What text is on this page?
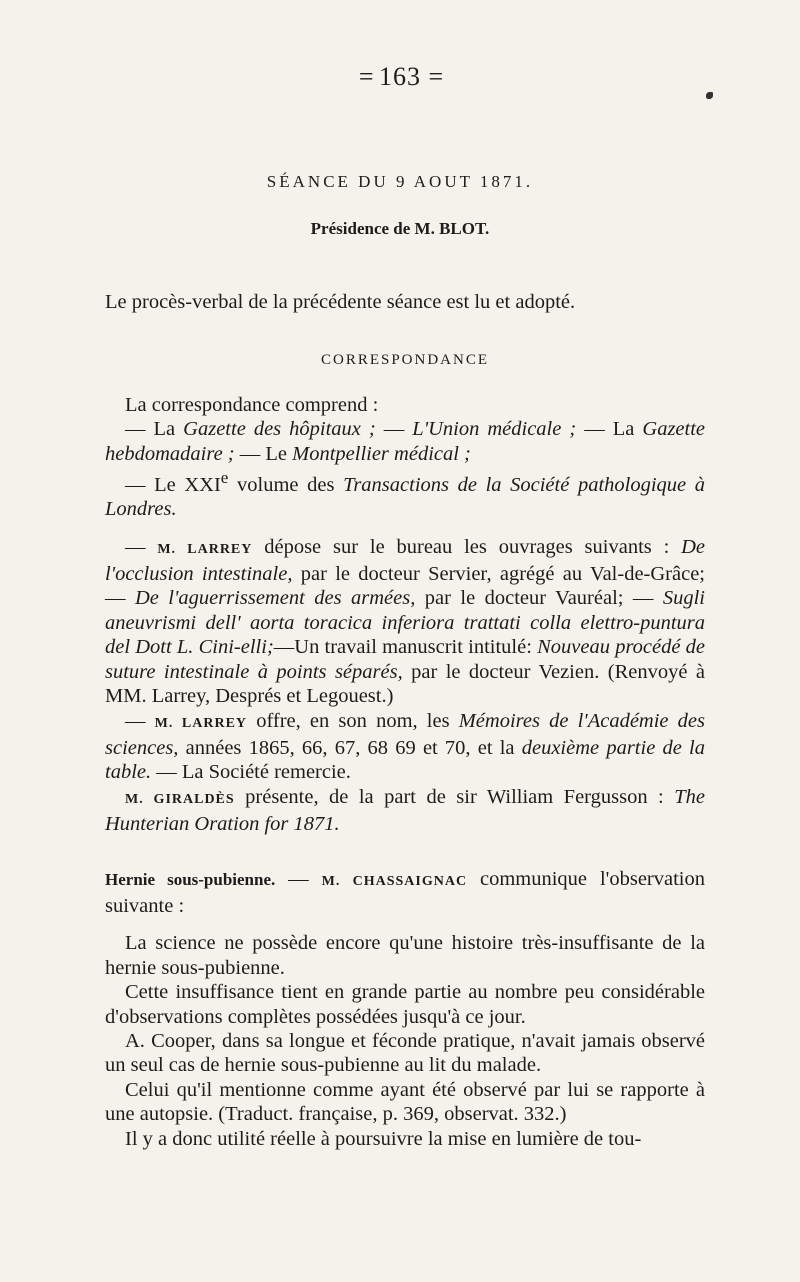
= 163 =
SÉANCE DU 9 AOUT 1871.
Présidence de M. BLOT.

Le procès-verbal de la précédente séance est lu et adopté.

CORRESPONDANCE

La correspondance comprend :

— La Gazette des hôpitaux ; — L'Union médicale ; — La Gazette hebdomadaire ; — Le Montpellier médical ;

— Le XXIe volume des Transactions de la Société pathologique à Londres.

— M. LARREY dépose sur le bureau les ouvrages suivants : De l'occlusion intestinale, par le docteur Servier, agrégé au Val-de-Grâce; — De l'aguerrissement des armées, par le docteur Vauréal; — Sugli aneuvrismi dell' aorta toracica inferiora trattati colla elettro-puntura del Dott L. Cini-elli;—Un travail manuscrit intitulé: Nouveau procédé de suture intestinale à points séparés, par le docteur Vezien. (Renvoyé à MM. Larrey, Després et Legouest.)

— M. LARREY offre, en son nom, les Mémoires de l'Académie des sciences, années 1865, 66, 67, 68 69 et 70, et la deuxième partie de la table. — La Société remercie.

M. GIRALDÈS présente, de la part de sir William Fergusson : The Hunterian Oration for 1871.

Hernie sous-pubienne. — M. CHASSAIGNAC communique l'observation suivante :

La science ne possède encore qu'une histoire très-insuffisante de la hernie sous-pubienne.

Cette insuffisance tient en grande partie au nombre peu considérable d'observations complètes possédées jusqu'à ce jour.

A. Cooper, dans sa longue et féconde pratique, n'avait jamais observé un seul cas de hernie sous-pubienne au lit du malade.

Celui qu'il mentionne comme ayant été observé par lui se rapporte à une autopsie. (Traduct. française, p. 369, observat. 332.)

Il y a donc utilité réelle à poursuivre la mise en lumière de tou-
